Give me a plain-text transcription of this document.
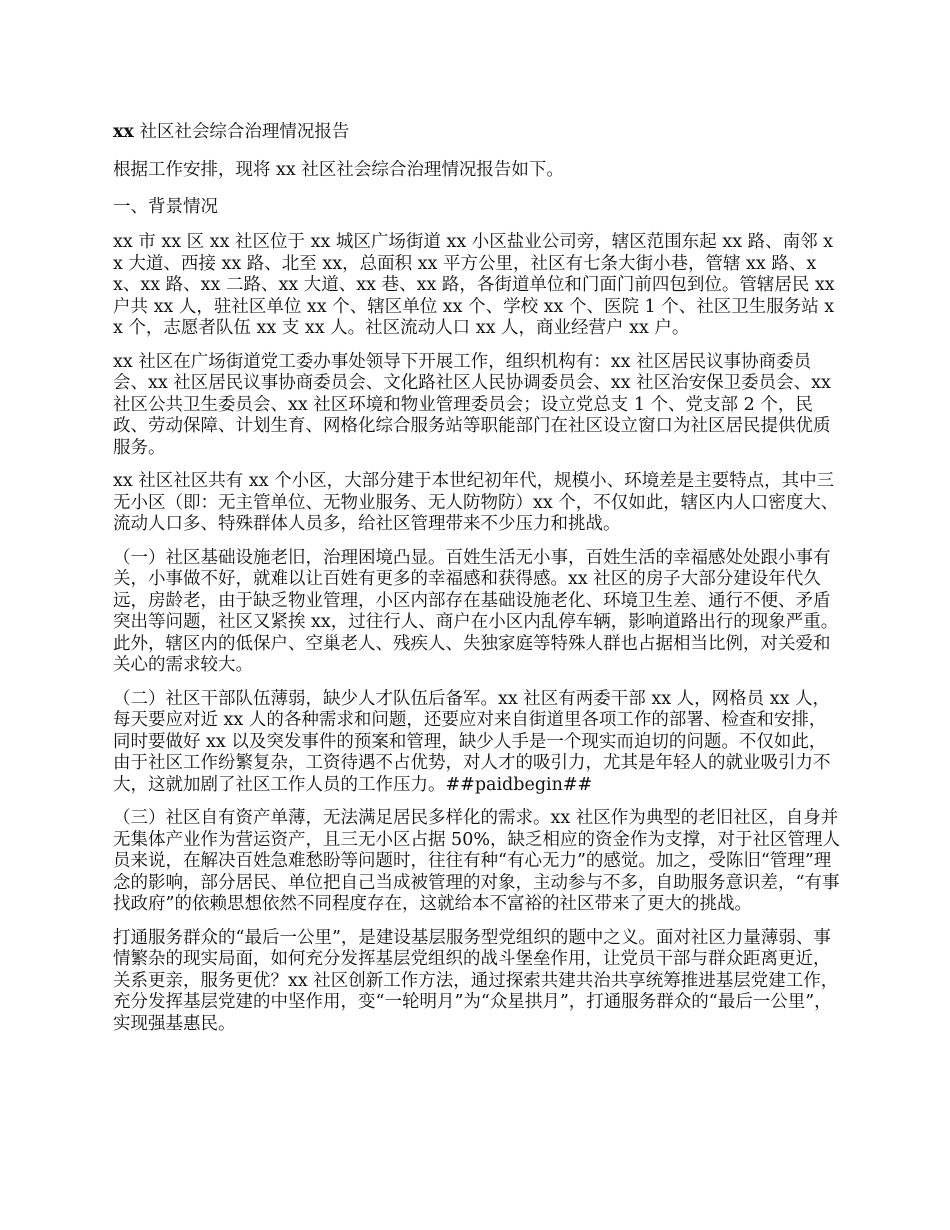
xx 社区社会综合治理情况报告

根据工作安排，现将 xx 社区社会综合治理情况报告如下。

一、背景情况

xx 市 xx 区 xx 社区位于 xx 城区广场街道 xx 小区盐业公司旁，辖区范围东起 xx 路、南邻 xx 大道、西接 xx 路、北至 xx，总面积 xx 平方公里，社区有七条大街小巷，管辖 xx 路、xx、xx 路、xx 二路、xx 大道、xx 巷、xx 路，各街道单位和门面门前四包到位。管辖居民 xx 户共 xx 人，驻社区单位 xx 个、辖区单位 xx 个、学校 xx 个、医院 1 个、社区卫生服务站 xx 个，志愿者队伍 xx 支 xx 人。社区流动人口 xx 人，商业经营户 xx 户。

xx 社区在广场街道党工委办事处领导下开展工作，组织机构有：xx 社区居民议事协商委员会、xx 社区居民议事协商委员会、文化路社区人民协调委员会、xx 社区治安保卫委员会、xx 社区公共卫生委员会、xx 社区环境和物业管理委员会；设立党总支 1 个、党支部 2 个，民政、劳动保障、计划生育、网格化综合服务站等职能部门在社区设立窗口为社区居民提供优质服务。

xx 社区社区共有 xx 个小区，大部分建于本世纪初年代，规模小、环境差是主要特点，其中三无小区（即：无主管单位、无物业服务、无人防物防）xx 个，不仅如此，辖区内人口密度大、流动人口多、特殊群体人员多，给社区管理带来不少压力和挑战。

（一）社区基础设施老旧，治理困境凸显。百姓生活无小事，百姓生活的幸福感处处跟小事有关，小事做不好，就难以让百姓有更多的幸福感和获得感。xx 社区的房子大部分建设年代久远，房龄老，由于缺乏物业管理，小区内部存在基础设施老化、环境卫生差、通行不便、矛盾突出等问题，社区又紧挨 xx，过往行人、商户在小区内乱停车辆，影响道路出行的现象严重。此外，辖区内的低保户、空巢老人、残疾人、失独家庭等特殊人群也占据相当比例，对关爱和关心的需求较大。

（二）社区干部队伍薄弱，缺少人才队伍后备军。xx 社区有两委干部 xx 人，网格员 xx 人，每天要应对近 xx 人的各种需求和问题，还要应对来自街道里各项工作的部署、检查和安排，同时要做好 xx 以及突发事件的预案和管理，缺少人手是一个现实而迫切的问题。不仅如此，由于社区工作纷繁复杂，工资待遇不占优势，对人才的吸引力，尤其是年轻人的就业吸引力不大，这就加剧了社区工作人员的工作压力。##paidbegin##

（三）社区自有资产单薄，无法满足居民多样化的需求。xx 社区作为典型的老旧社区，自身并无集体产业作为营运资产，且三无小区占据 50%，缺乏相应的资金作为支撑，对于社区管理人员来说，在解决百姓急难愁盼等问题时，往往有种“有心无力”的感觉。加之，受陈旧“管理”理念的影响，部分居民、单位把自己当成被管理的对象，主动参与不多，自助服务意识差，“有事找政府”的依赖思想依然不同程度存在，这就给本不富裕的社区带来了更大的挑战。

打通服务群众的“最后一公里”，是建设基层服务型党组织的题中之义。面对社区力量薄弱、事情繁杂的现实局面，如何充分发挥基层党组织的战斗堡垒作用，让党员干部与群众距离更近，关系更亲，服务更优？xx 社区创新工作方法，通过探索共建共治共享统筹推进基层党建工作，充分发挥基层党建的中坚作用，变“一轮明月”为“众星拱月”，打通服务群众的“最后一公里”，实现强基惠民。
